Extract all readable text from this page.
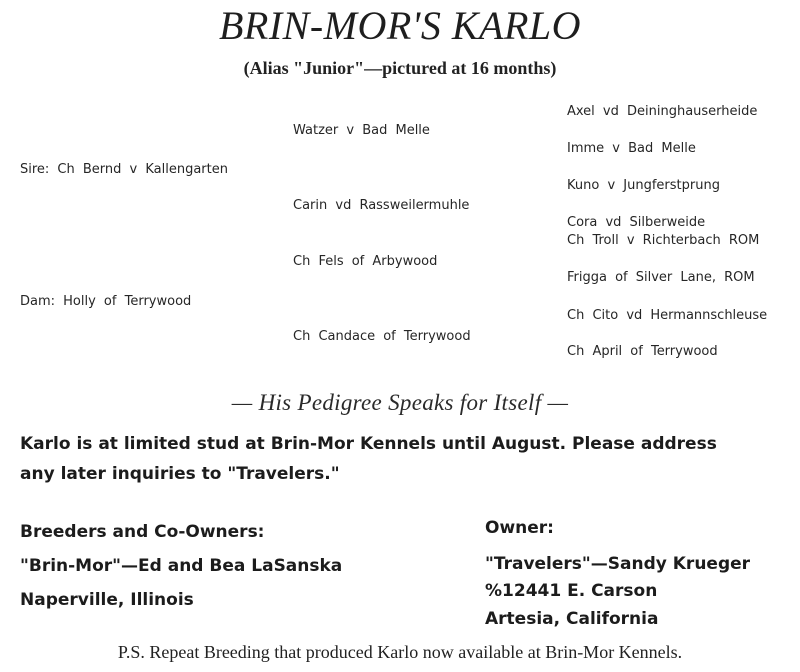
BRIN-MOR'S KARLO
(Alias "Junior"—pictured at 16 months)
Sire: Ch Bernd v Kallengarten
Dam: Holly of Terrywood
Watzer v Bad Melle
Carin vd Rassweilermuhle
Ch Fels of Arbywood
Ch Candace of Terrywood
Axel vd Deininghauserheide
Imme v Bad Melle
Kuno v Jungferstprung
Cora vd Silberweide
Ch Troll v Richterbach ROM
Frigga of Silver Lane, ROM
Ch Cito vd Hermannschleuse
Ch April of Terrywood
— His Pedigree Speaks for Itself —
Karlo is at limited stud at Brin-Mor Kennels until August. Please address
any later inquiries to "Travelers."
Breeders and Co-Owners:
"Brin-Mor"—Ed and Bea LaSanska
Naperville, Illinois
Owner:
"Travelers"—Sandy Krueger
%12441 E. Carson
Artesia, California
P.S. Repeat Breeding that produced Karlo now available at Brin-Mor Kennels.
